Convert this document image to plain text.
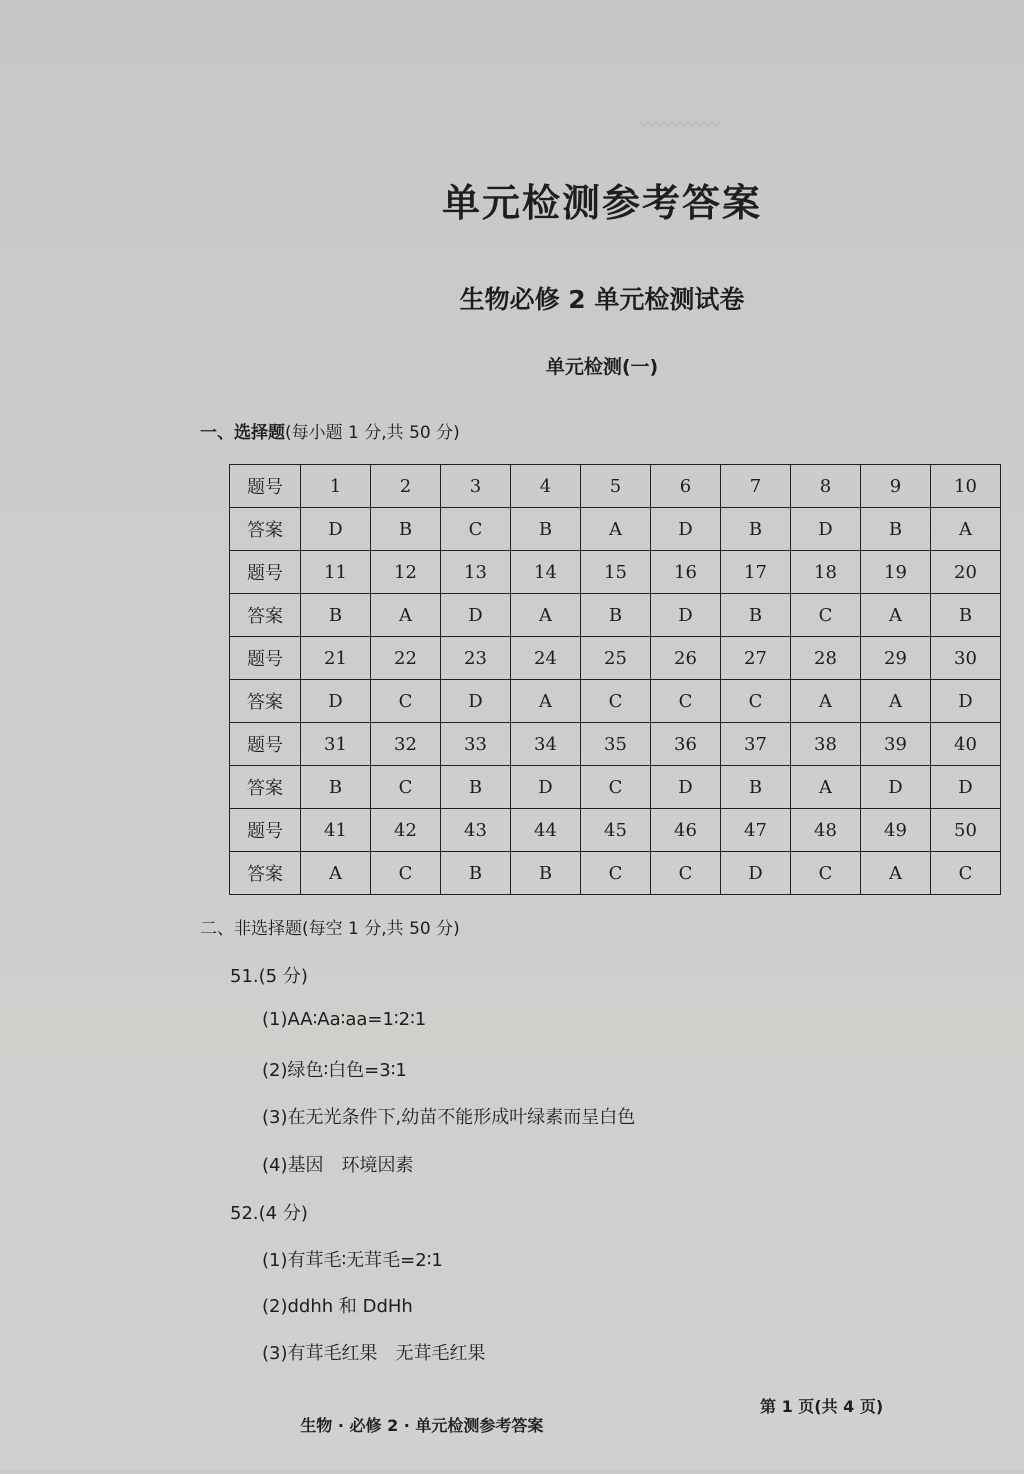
〰〰〰〰〰
单元检测参考答案
生物必修 2 单元检测试卷
单元检测(一)
一、选择题(每小题 1 分,共 50 分)
题号	1	2	3	4	5	6	7	8	9	10
答案	D	B	C	B	A	D	B	D	B	A
题号	11	12	13	14	15	16	17	18	19	20
答案	B	A	D	A	B	D	B	C	A	B
题号	21	22	23	24	25	26	27	28	29	30
答案	D	C	D	A	C	C	C	A	A	D
题号	31	32	33	34	35	36	37	38	39	40
答案	B	C	B	D	C	D	B	A	D	D
题号	41	42	43	44	45	46	47	48	49	50
答案	A	C	B	B	C	C	D	C	A	C
二、非选择题(每空 1 分,共 50 分)
51.(5 分)
(1)AA∶Aa∶aa=1∶2∶1
(2)绿色∶白色=3∶1
(3)在无光条件下,幼苗不能形成叶绿素而呈白色
(4)基因　环境因素
52.(4 分)
(1)有茸毛∶无茸毛=2∶1
(2)ddhh 和 DdHh
(3)有茸毛红果　无茸毛红果

生物 · 必修 2 · 单元检测参考答案

第 1 页(共 4 页)
